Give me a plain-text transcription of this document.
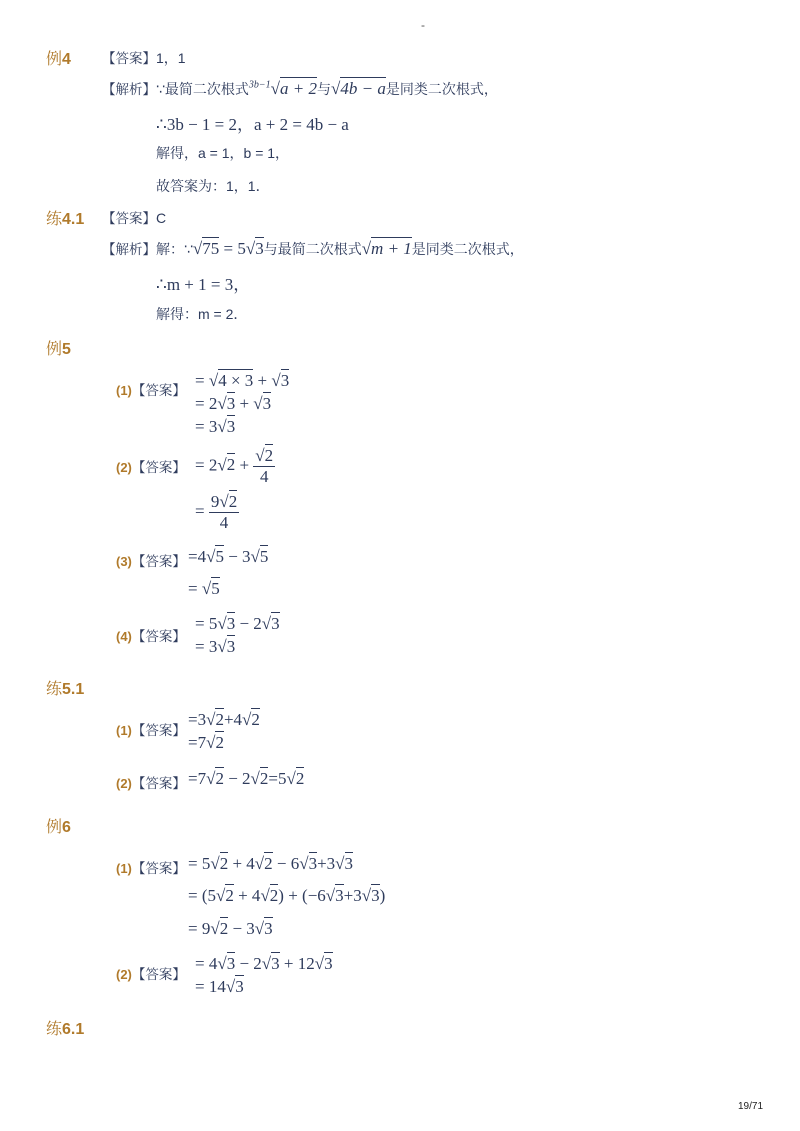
-
例4 【答案】1，1
【解析】∵最简二次根式$^{3b-1}$√a + 2与√4b − a是同类二次根式，
∴3b − 1 = 2，a + 2 = 4b − a
解得，a = 1，b = 1，
故答案为：1，1．
练4.1 【答案】C
【解析】解：∵√75 = 5√3与最简二次根式√m + 1是同类二次根式，
∴m + 1 = 3，
解得：m = 2．
例5
(1)【答案】
= √4 × 3 + √3
= 2√3 + √3
= 3√3
(2)【答案】 = $2√2 + \frac{√2}{4}$
= $\frac{9√2}{4}$
(3)【答案】 =4√5 − 3√5
= √5
(4)【答案】
= 5√3 − 2√3
= 3√3
练5.1
(1)【答案】
=3√2+4√2
=7√2
(2)【答案】 =7√2 − 2√2=5√2
例6
(1)【答案】 = 5√2 + 4√2 − 6√3+3√3
= (5√2 + 4√2) + (−6√3+3√3)
= 9√2 − 3√3
(2)【答案】
= 4√3 − 2√3 + 12√3
= 14√3
练6.1
19/71
